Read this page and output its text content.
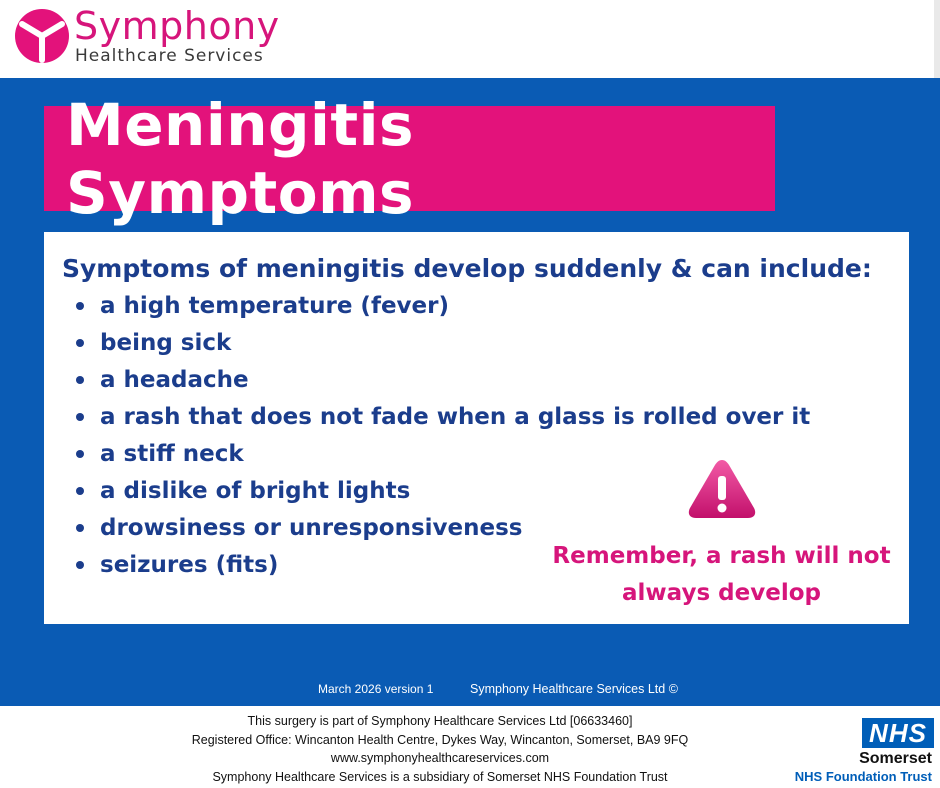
Symphony
Healthcare Services
Meningitis Symptoms
Symptoms of meningitis develop suddenly & can include:
a high temperature (fever)
being sick
a headache
a rash that does not fade when a glass is rolled over it
a stiff neck
a dislike of bright lights
drowsiness or unresponsiveness
seizures (fits)	Remember, a rash will not
always develop
March 2026 version 1	Symphony Healthcare Services Ltd ©
This surgery is part of Symphony Healthcare Services Ltd [06633460]
Registered Office: Wincanton Health Centre, Dykes Way, Wincanton, Somerset, BA9 9FQ
www.symphonyhealthcareservices.com
Symphony Healthcare Services is a subsidiary of Somerset NHS Foundation Trust
NHS
Somerset
NHS Foundation Trust
